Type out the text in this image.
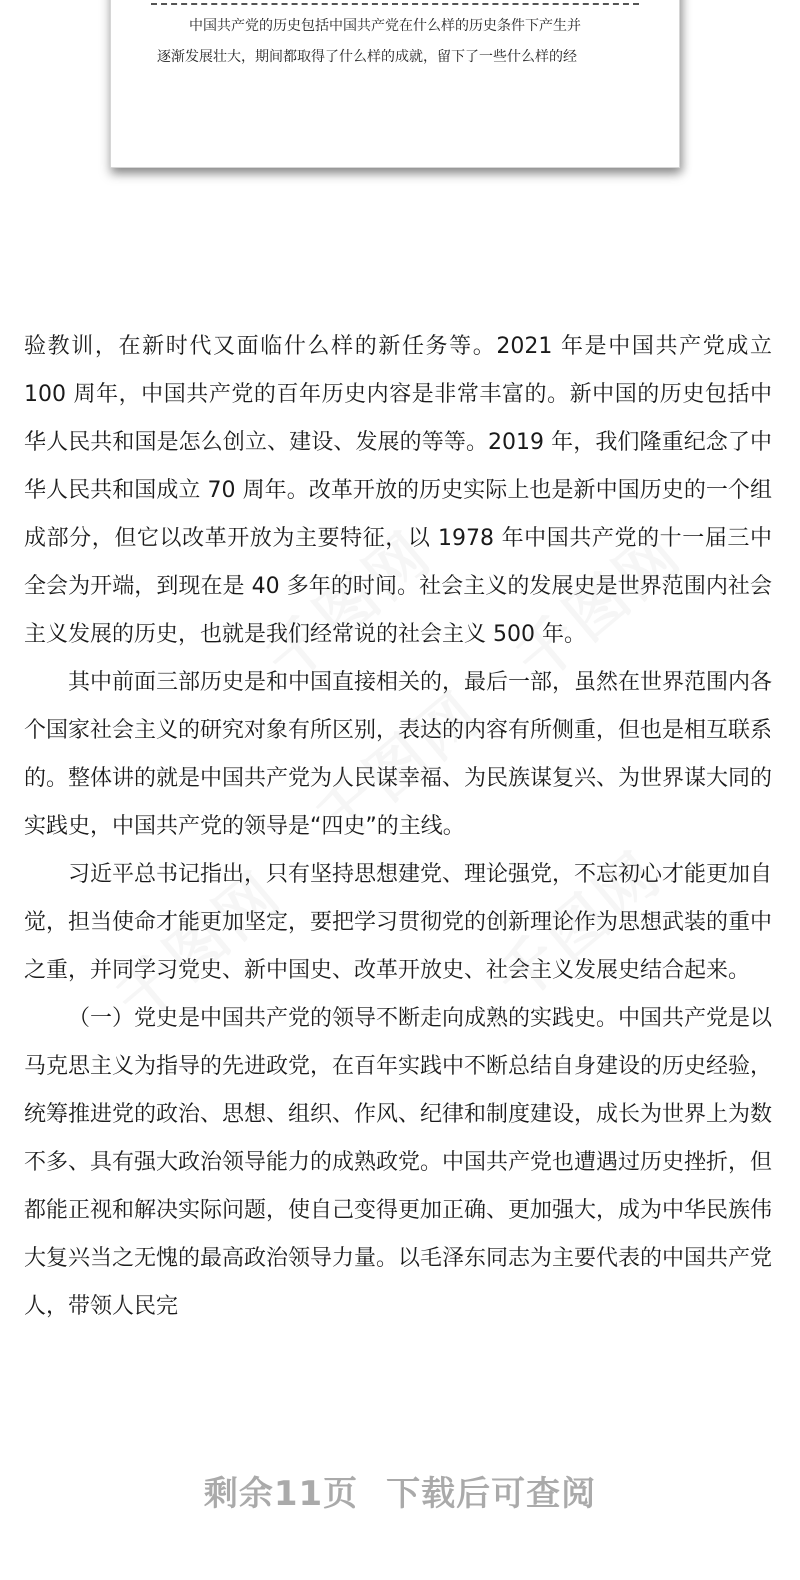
中国共产党的历史包括中国共产党在什么样的历史条件下产生并
逐渐发展壮大，期间都取得了什么样的成就，留下了一些什么样的经

验教训，在新时代又面临什么样的新任务等。2021 年是中国共产党成立 100 周年，中国共产党的百年历史内容是非常丰富的。新中国的历史包括中华人民共和国是怎么创立、建设、发展的等等。2019 年，我们隆重纪念了中华人民共和国成立 70 周年。改革开放的历史实际上也是新中国历史的一个组成部分，但它以改革开放为主要特征，以 1978 年中国共产党的十一届三中全会为开端，到现在是 40 多年的时间。社会主义的发展史是世界范围内社会主义发展的历史，也就是我们经常说的社会主义 500 年。

其中前面三部历史是和中国直接相关的，最后一部，虽然在世界范围内各个国家社会主义的研究对象有所区别，表达的内容有所侧重，但也是相互联系的。整体讲的就是中国共产党为人民谋幸福、为民族谋复兴、为世界谋大同的实践史，中国共产党的领导是“四史”的主线。

习近平总书记指出，只有坚持思想建党、理论强党，不忘初心才能更加自觉，担当使命才能更加坚定，要把学习贯彻党的创新理论作为思想武装的重中之重，并同学习党史、新中国史、改革开放史、社会主义发展史结合起来。

（一）党史是中国共产党的领导不断走向成熟的实践史。中国共产党是以马克思主义为指导的先进政党，在百年实践中不断总结自身建设的历史经验，统筹推进党的政治、思想、组织、作风、纪律和制度建设，成长为世界上为数不多、具有强大政治领导能力的成熟政党。中国共产党也遭遇过历史挫折，但都能正视和解决实际问题，使自己变得更加正确、更加强大，成为中华民族伟大复兴当之无愧的最高政治领导力量。以毛泽东同志为主要代表的中国共产党人，带领人民完

剩余11页 下载后可查阅
